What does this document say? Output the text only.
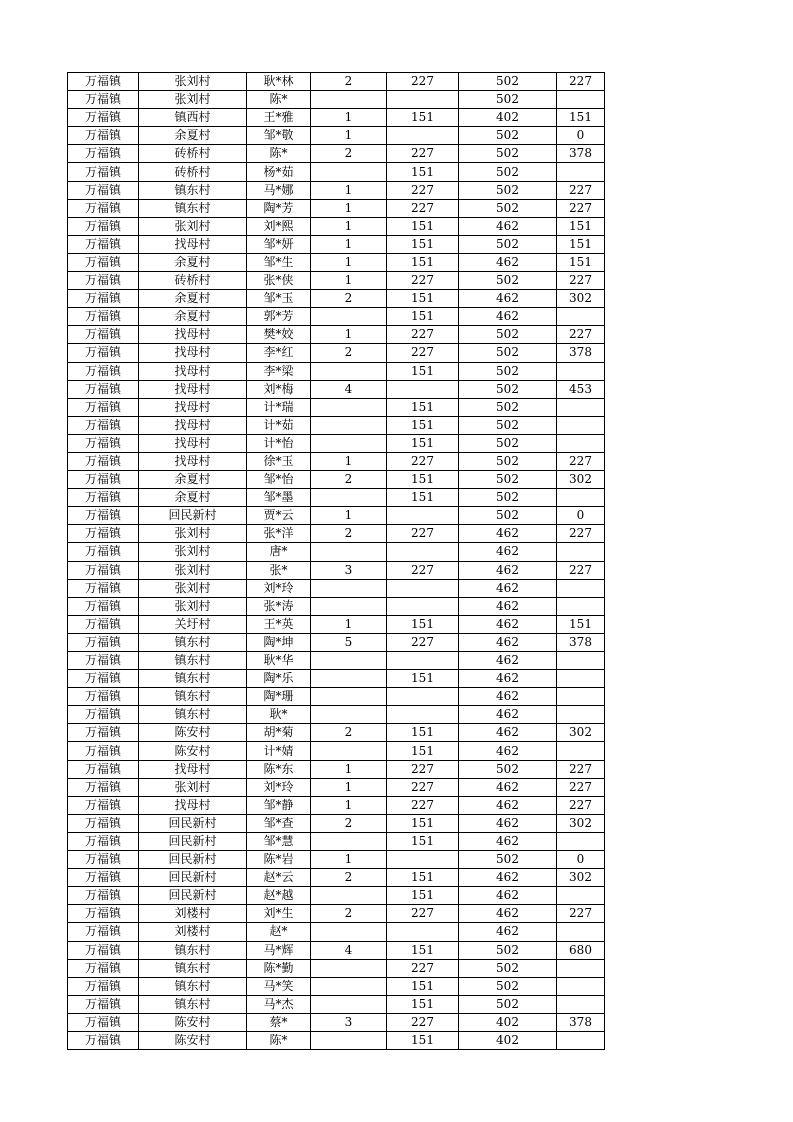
万福镇	张刘村	耿*林	2	227	502	227
万福镇	张刘村	陈*			502	
万福镇	镇西村	王*雅	1	151	402	151
万福镇	余夏村	邹*敬	1		502	0
万福镇	砖桥村	陈*	2	227	502	378
万福镇	砖桥村	杨*茹		151	502	
万福镇	镇东村	马*娜	1	227	502	227
万福镇	镇东村	陶*芳	1	227	502	227
万福镇	张刘村	刘*熙	1	151	462	151
万福镇	找母村	邹*妍	1	151	502	151
万福镇	余夏村	邹*生	1	151	462	151
万福镇	砖桥村	张*侠	1	227	502	227
万福镇	余夏村	邹*玉	2	151	462	302
万福镇	余夏村	郭*芳		151	462	
万福镇	找母村	樊*姣	1	227	502	227
万福镇	找母村	李*红	2	227	502	378
万福镇	找母村	李*梁		151	502	
万福镇	找母村	刘*梅	4		502	453
万福镇	找母村	计*瑞		151	502	
万福镇	找母村	计*茹		151	502	
万福镇	找母村	计*怡		151	502	
万福镇	找母村	徐*玉	1	227	502	227
万福镇	余夏村	邹*怡	2	151	502	302
万福镇	余夏村	邹*墨		151	502	
万福镇	回民新村	贾*云	1		502	0
万福镇	张刘村	张*洋	2	227	462	227
万福镇	张刘村	唐*			462	
万福镇	张刘村	张*	3	227	462	227
万福镇	张刘村	刘*玲			462	
万福镇	张刘村	张*涛			462	
万福镇	关圩村	王*英	1	151	462	151
万福镇	镇东村	陶*坤	5	227	462	378
万福镇	镇东村	耿*华			462	
万福镇	镇东村	陶*乐		151	462	
万福镇	镇东村	陶*珊			462	
万福镇	镇东村	耿*			462	
万福镇	陈安村	胡*菊	2	151	462	302
万福镇	陈安村	计*婧		151	462	
万福镇	找母村	陈*东	1	227	502	227
万福镇	张刘村	刘*玲	1	227	462	227
万福镇	找母村	邹*静	1	227	462	227
万福镇	回民新村	邹*查	2	151	462	302
万福镇	回民新村	邹*慧		151	462	
万福镇	回民新村	陈*岩	1		502	0
万福镇	回民新村	赵*云	2	151	462	302
万福镇	回民新村	赵*越		151	462	
万福镇	刘楼村	刘*生	2	227	462	227
万福镇	刘楼村	赵*			462	
万福镇	镇东村	马*辉	4	151	502	680
万福镇	镇东村	陈*勤		227	502	
万福镇	镇东村	马*笑		151	502	
万福镇	镇东村	马*杰		151	502	
万福镇	陈安村	蔡*	3	227	402	378
万福镇	陈安村	陈*		151	402	
